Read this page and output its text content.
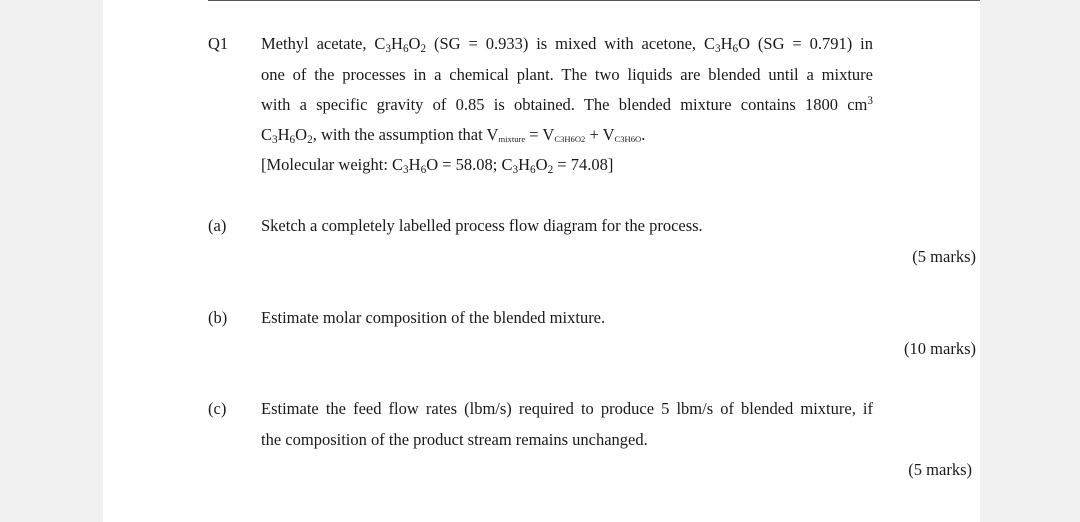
Q1 Methyl acetate, $C_3H_6O_2$ (SG = 0.933) is mixed with acetone, $C_3H_6O$ (SG = 0.791) in
one of the processes in a chemical plant. The two liquids are blended until a mixture
with a specific gravity of 0.85 is obtained. The blended mixture contains 1800 $cm^3$
$C_3H_6O_2$, with the assumption that Vmixture = VC3H6O2 + VC3H6O.
[Molecular weight: $C_3H_6O = 58.08$; $C_3H_6O_2 = 74.08$]
(a) Sketch a completely labelled process flow diagram for the process.
(5 marks)
(b) Estimate molar composition of the blended mixture.
(10 marks)
(c) Estimate the feed flow rates (lbm/s) required to produce 5 lbm/s of blended mixture, if
the composition of the product stream remains unchanged.
(5 marks)
